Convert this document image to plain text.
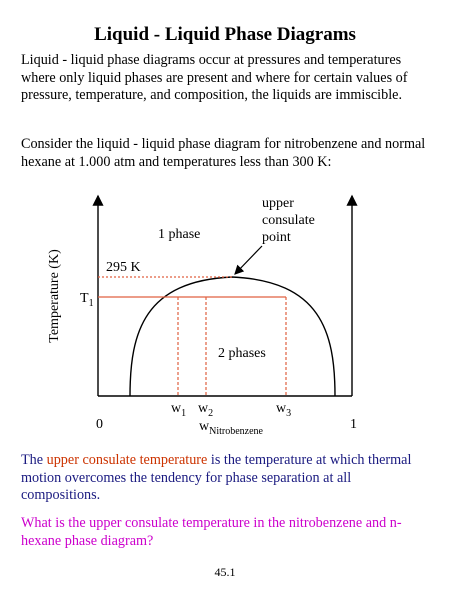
Liquid - Liquid Phase Diagrams

Liquid - liquid phase diagrams occur at pressures and temperatures where only liquid phases are present and where for certain values of pressure, temperature, and composition, the liquids are immiscible.

Consider the liquid - liquid phase diagram for nitrobenzene and normal hexane at 1.000 atm and temperatures less than 300 K:

upper
consulate
point
1 phase
2 phases
295 K
$T_1$
Temperature (K)
$w_1$ $w_2$	$w_3$
$w_{Nitrobenzene}$
0	1

The upper consulate temperature is the temperature at which thermal motion overcomes the tendency for phase separation at all compositions.

What is the upper consulate temperature in the nitrobenzene and n-hexane phase diagram?

45.1
